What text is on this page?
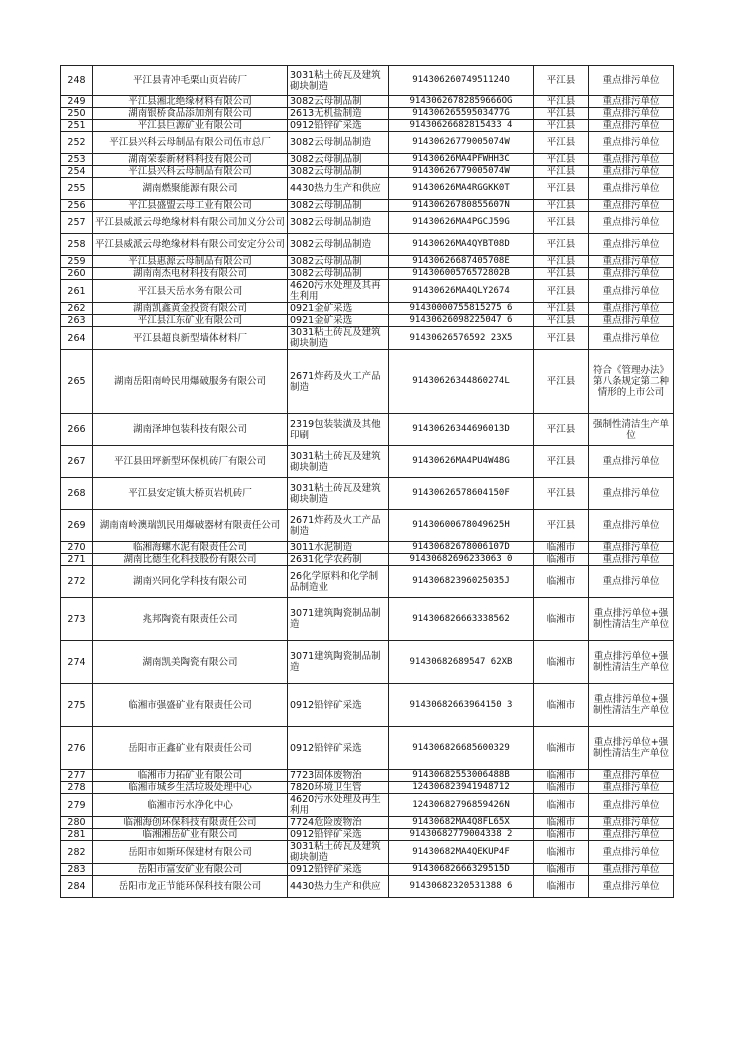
248	平江县青冲毛栗山页岩砖厂	3031粘土砖瓦及建筑砌块制造	91430626074951124O	平江县	重点排污单位
249	平江县湘北绝缘材料有限公司	3082云母制品制	91430626782859666OG	平江县	重点排污单位
250	湖南银桥食品添加剂有限公司	2613无机盐制造	91430626559503477G	平江县	重点排污单位
251	平江县巨源矿业有限公司	0912铅锌矿采选	91430626682815433 4	平江县	重点排污单位
252	平江县兴科云母制品有限公司伍市总厂	3082云母制品制造	91430626779005074W	平江县	重点排污单位
253	湖南荣泰新材料科技有限公司	3082云母制品制	91430626MA4PFWHH3C	平江县	重点排污单位
254	平江县兴科云母制品有限公司	3082云母制品制	91430626779005074W	平江县	重点排污单位
255	湖南燃聚能源有限公司	4430热力生产和供应	91430626MA4RGGKK0T	平江县	重点排污单位
256	平江县盛盟云母工业有限公司	3082云母制品制	91430626780855607N	平江县	重点排污单位
257	平江县威派云母绝缘材料有限公司加义分公司	3082云母制品制造	91430626MA4PGCJ59G	平江县	重点排污单位
258	平江县威派云母绝缘材料有限公司安定分公司	3082云母制品制造	91430626MA4QYBT08D	平江县	重点排污单位
259	平江县惠源云母制品有限公司	3082云母制品制	91430626687405708E	平江县	重点排污单位
260	湖南南杰电材科技有限公司	3082云母制品制	91430600576572802B	平江县	重点排污单位
261	平江县天岳水务有限公司	4620污水处理及其再生利用	91430626MA4QLY2674	平江县	重点排污单位
262	湖南凯鑫黄金投资有限公司	0921金矿采选	91430000755815275 6	平江县	重点排污单位
263	平江县江东矿业有限公司	0921金矿采选	91430626098225047 6	平江县	重点排污单位
264	平江县超良新型墙体材料厂	3031粘土砖瓦及建筑砌块制造	91430626576592 23X5	平江县	重点排污单位
265	湖南岳阳南岭民用爆破服务有限公司	2671炸药及火工产品制造	91430626344860274L	平江县	符合《管理办法》第八条规定第二种情形的上市公司
266	湖南泽坤包装科技有限公司	2319包装装潢及其他印刷	91430626344696013D	平江县	强制性清洁生产单位
267	平江县田坪新型环保机砖厂有限公司	3031粘土砖瓦及建筑砌块制造	91430626MA4PU4W48G	平江县	重点排污单位
268	平江县安定镇大桥页岩机砖厂	3031粘土砖瓦及建筑砌块制造	91430626578604150F	平江县	重点排污单位
269	湖南南岭澳瑞凯民用爆破器材有限责任公司	2671炸药及火工产品制造	91430600678049625H	平江县	重点排污单位
270	临湘海螺水泥有限责任公司	3011水泥制造	91430682678006107D	临湘市	重点排污单位
271	湖南比德生化科技股份有限公司	2631化学农药制	91430682696233063 0	临湘市	重点排污单位
272	湖南兴同化学科技有限公司	26化学原料和化学制品制造业	91430682396025035J	临湘市	重点排污单位
273	兆邦陶瓷有限责任公司	3071建筑陶瓷制品制造	914306826663338562	临湘市	重点排污单位+强制性清洁生产单位
274	湖南凯美陶瓷有限公司	3071建筑陶瓷制品制造	91430682689547 62XB	临湘市	重点排污单位+强制性清洁生产单位
275	临湘市强盛矿业有限责任公司	0912铅锌矿采选	91430682663964150 3	临湘市	重点排污单位+强制性清洁生产单位
276	岳阳市正鑫矿业有限责任公司	0912铅锌矿采选	914306826685600329	临湘市	重点排污单位+强制性清洁生产单位
277	临湘市力拓矿业有限公司	7723固体废物治	91430682553006488B	临湘市	重点排污单位
278	临湘市城乡生活垃圾处理中心	7820环境卫生管	124306823941948712	临湘市	重点排污单位
279	临湘市污水净化中心	4620污水处理及再生利用	12430682796859426N	临湘市	重点排污单位
280	临湘海创环保科技有限责任公司	7724危险废物治	91430682MA4Q8FL65X	临湘市	重点排污单位
281	临湘湘岳矿业有限公司	0912铅锌矿采选	91430682779004338 2	临湘市	重点排污单位
282	岳阳市如斯环保建材有限公司	3031粘土砖瓦及建筑砌块制造	91430682MA4QEKUP4F	临湘市	重点排污单位
283	岳阳市富安矿业有限公司	0912铅锌矿采选	91430682666329515D	临湘市	重点排污单位
284	岳阳市龙正节能环保科技有限公司	4430热力生产和供应	91430682320531388 6	临湘市	重点排污单位
